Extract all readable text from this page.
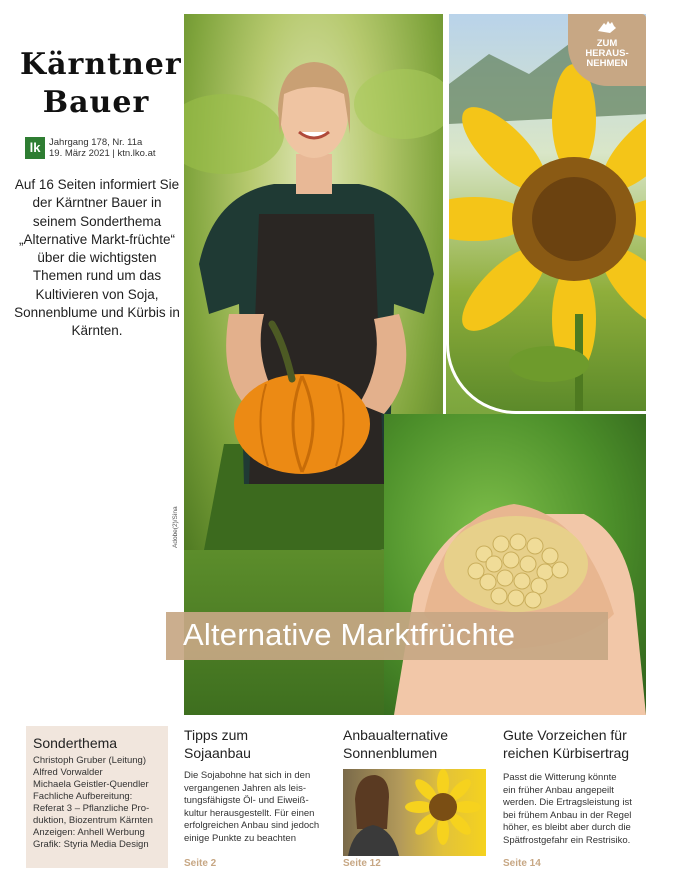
Kärntner
Bauer
lk Jahrgang 178, Nr. 11a
19. März 2021 | ktn.lko.at
Auf 16 Seiten informiert Sie der Kärntner Bauer in seinem Sonderthema „Alternative Markt-früchte“ über die wichtigsten Themen rund um das Kultivieren von Soja, Sonnenblume und Kürbis in Kärnten.
ZUM
HERAUS-
NEHMEN
Adobe(2)/Sina
Alternative Marktfrüchte
Sonderthema

Christoph Gruber (Leitung)

Alfred Vorwalder

Michaela Geistler-Quendler

Fachliche Aufbereitung:

Referat 3 – Pflanzliche Pro-

duktion, Biozentrum Kärnten

Anzeigen: Anhell Werbung

Grafik: Styria Media Design

Tipps zum
Sojaanbau

Die Sojabohne hat sich in den
vergangenen Jahren als leis-
tungsfähigste Öl- und Eiweiß-
kultur herausgestellt. Für einen
erfolgreichen Anbau sind jedoch
einige Punkte zu beachten

Seite 2
Anbaualternative
Sonnenblumen
Seite 12
Gute Vorzeichen für
reichen Kürbisertrag

Passt die Witterung könnte
ein früher Anbau angepeilt
werden. Die Ertragsleistung ist
bei frühem Anbau in der Regel
höher, es bleibt aber durch die
Spätfrostgefahr ein Restrisiko.

Seite 14
